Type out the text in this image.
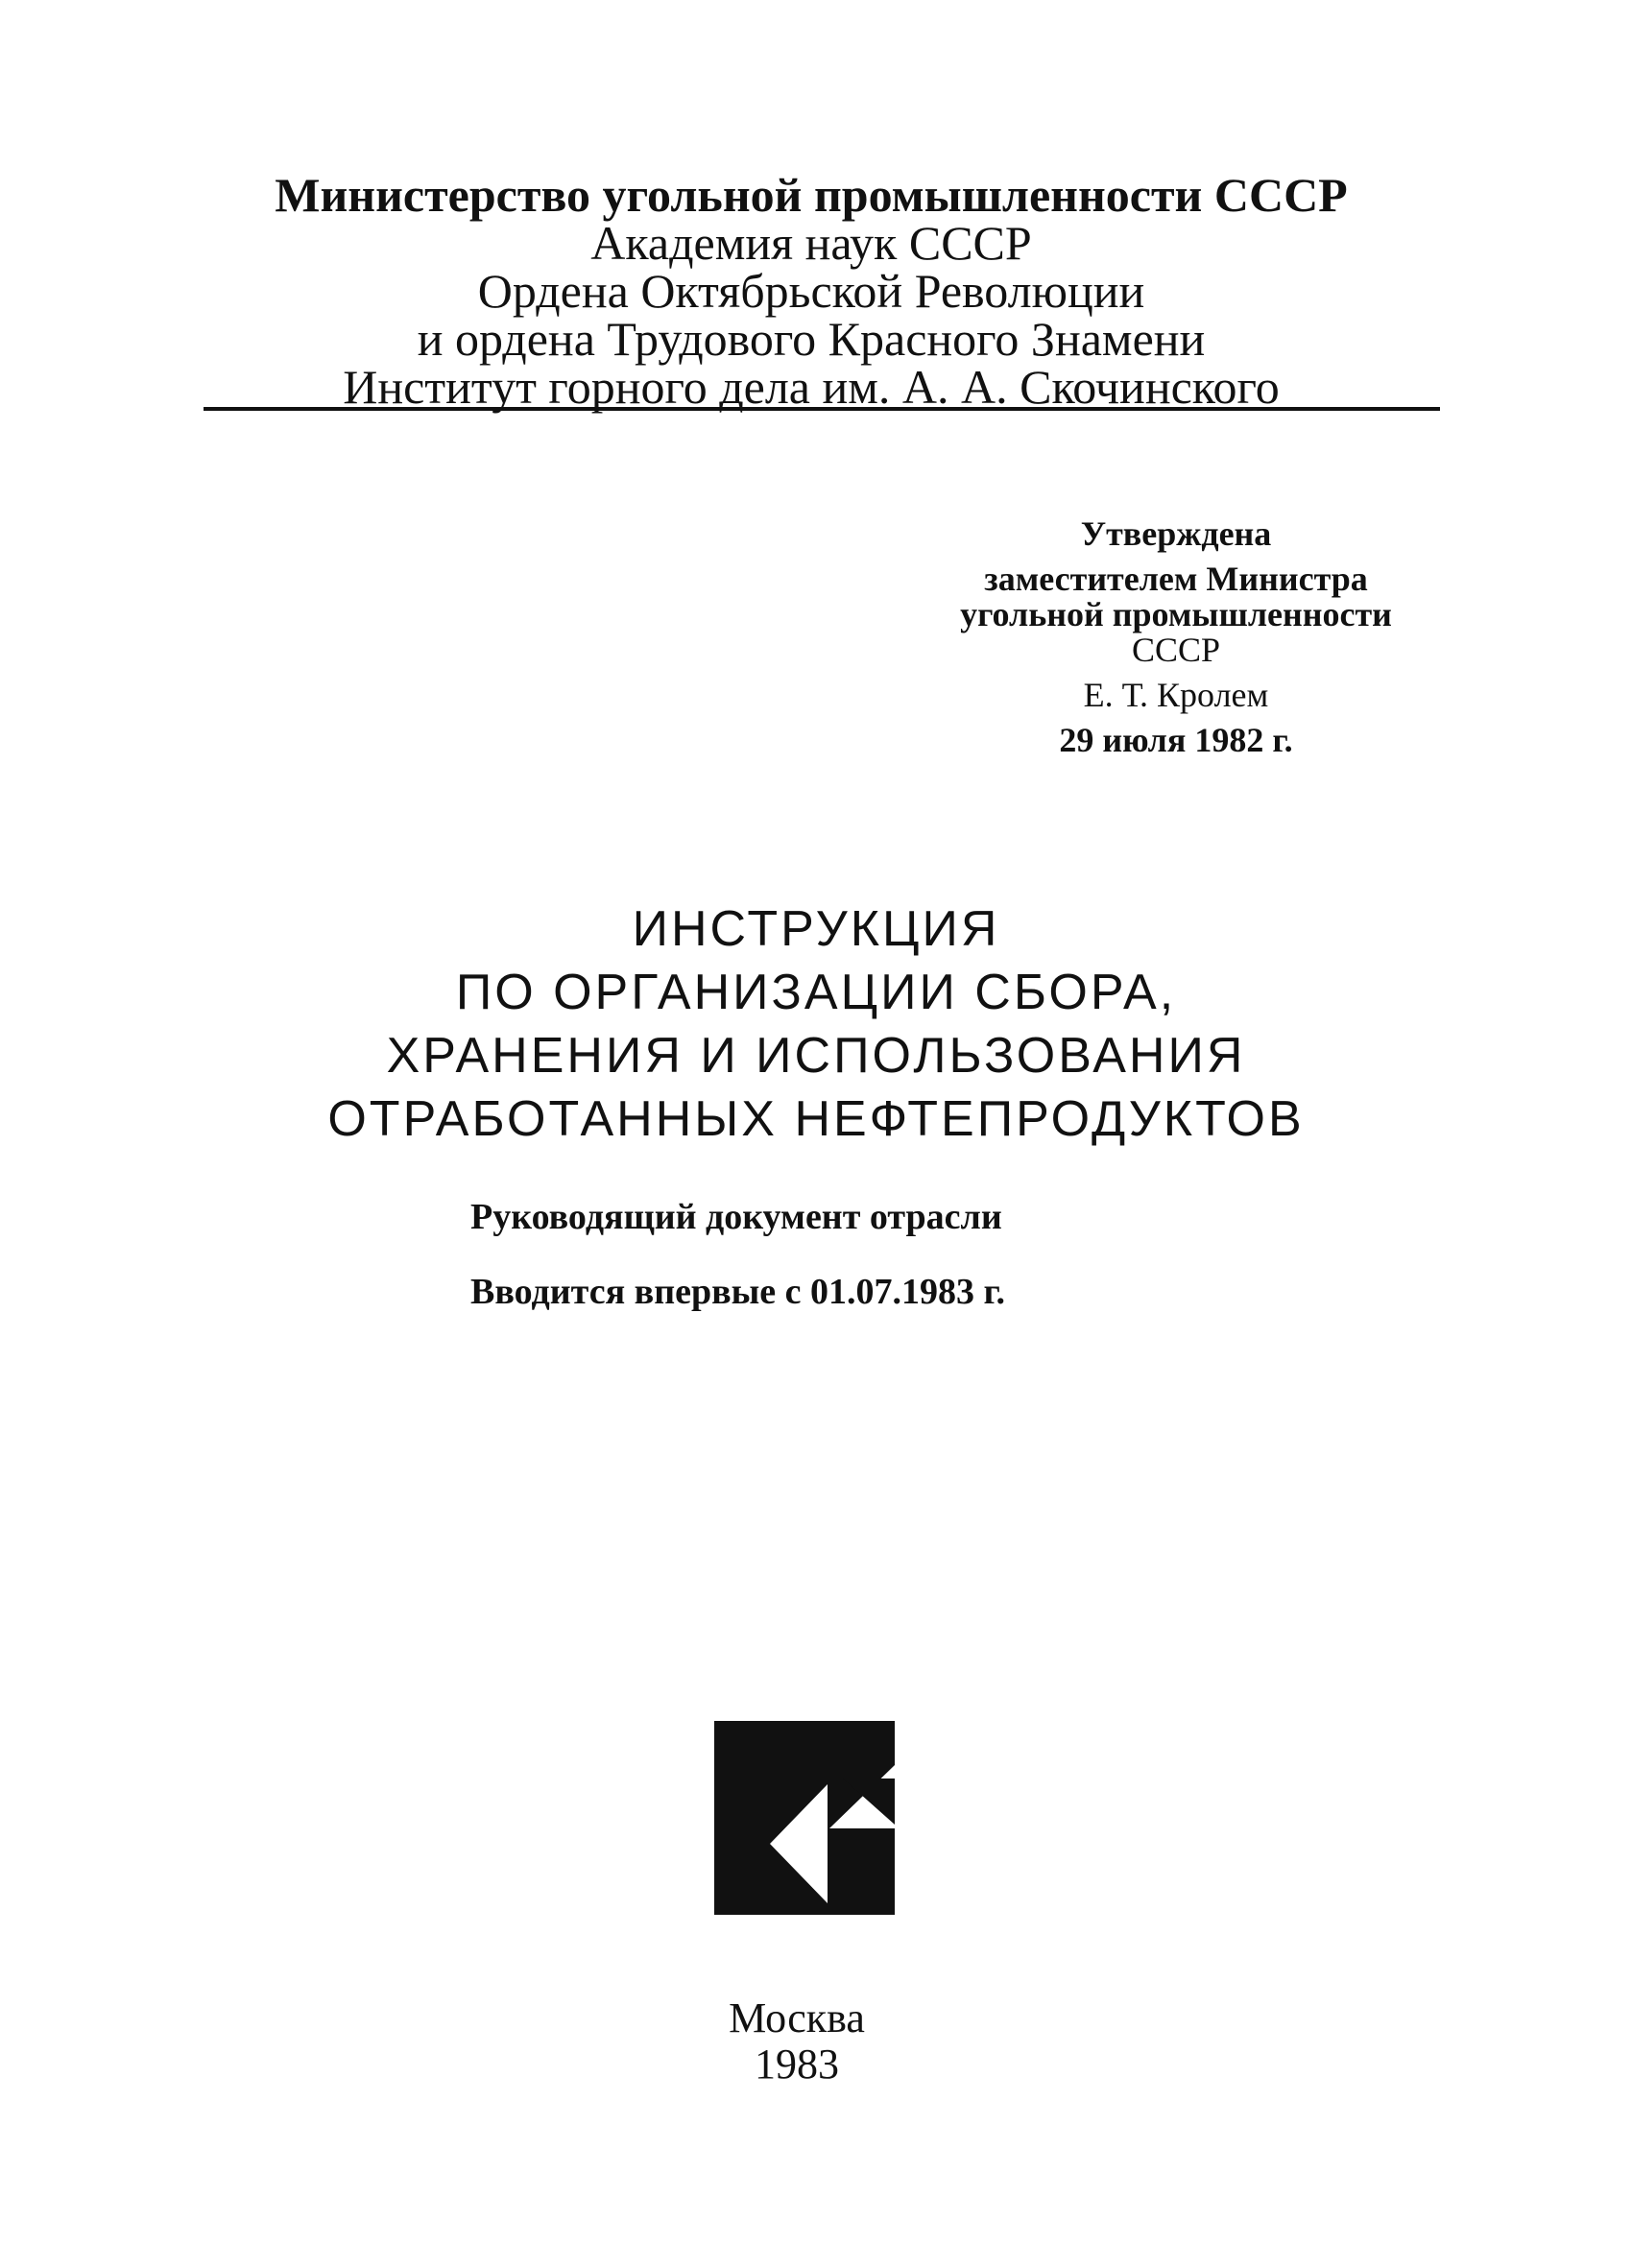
Министерство угольной промышленности СССР
Академия наук СССР
Ордена Октябрьской Революции
и ордена Трудового Красного Знамени
Институт горного дела им. А. А. Скочинского
Утверждена
заместителем Министра
угольной промышленности
СССР
Е. Т. Кролем
29 июля 1982 г.
ИНСТРУКЦИЯ
ПО ОРГАНИЗАЦИИ СБОРА,
ХРАНЕНИЯ И ИСПОЛЬЗОВАНИЯ
ОТРАБОТАННЫХ НЕФТЕПРОДУКТОВ
Руководящий документ отрасли
Вводится впервые с 01.07.1983 г.
Москва
1983
